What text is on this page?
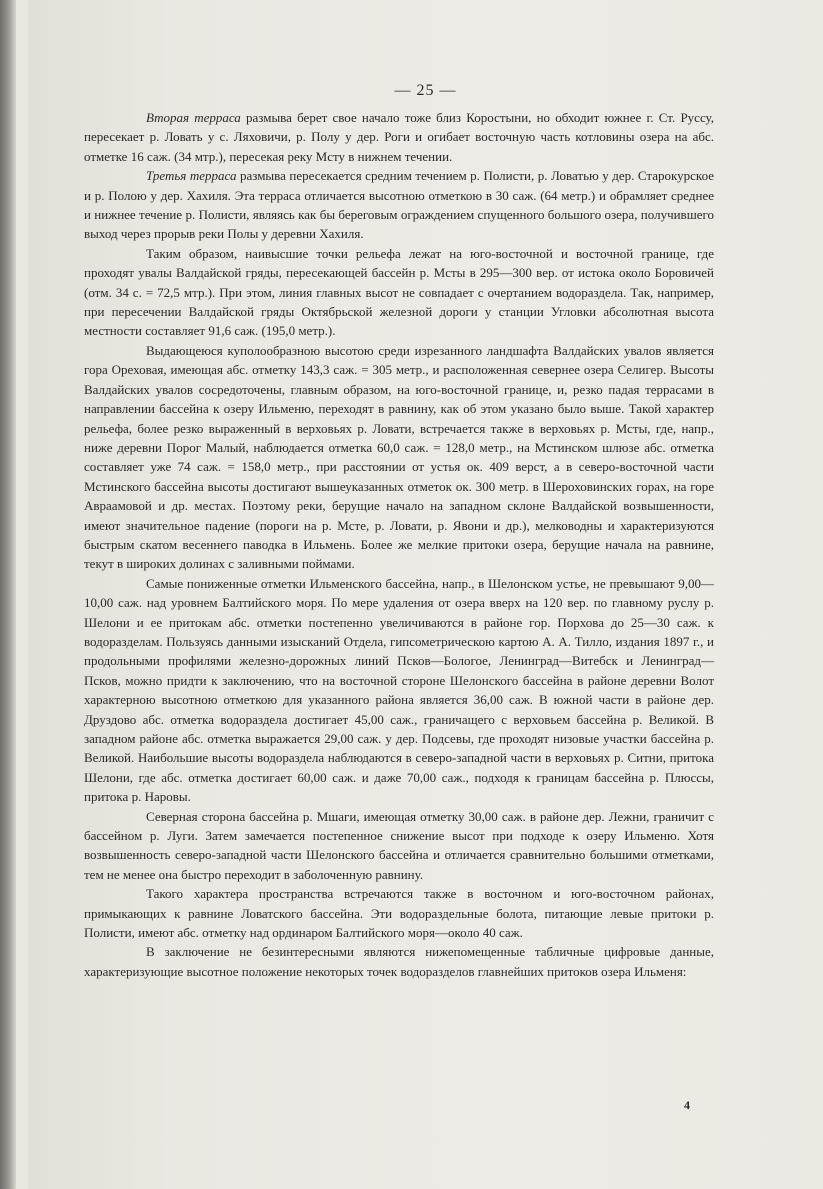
— 25 —

Вторая терраса размыва берет свое начало тоже близ Коростыни, но обходит южнее г. Ст. Руссу, пересекает р. Ловать у с. Ляховичи, р. Полу у дер. Роги и огибает восточную часть котловины озера на абс. отметке 16 саж. (34 мтр.), пересекая реку Мсту в нижнем течении.

Третья терраса размыва пересекается средним течением р. Полисти, р. Ловатью у дер. Старокурское и р. Полою у дер. Хахиля. Эта терраса отличается высотною отметкою в 30 саж. (64 метр.) и обрамляет среднее и нижнее течение р. Полисти, являясь как бы береговым ограждением спущенного большого озера, получившего выход через прорыв реки Полы у деревни Хахиля.

Таким образом, наивысшие точки рельефа лежат на юго-восточной и восточной границе, где проходят увалы Валдайской гряды, пересекающей бассейн р. Мсты в 295—300 вер. от истока около Боровичей (отм. 34 с. = 72,5 мтр.). При этом, линия главных высот не совпадает с очертанием водораздела. Так, например, при пересечении Валдайской гряды Октябрьской железной дороги у станции Угловки абсолютная высота местности составляет 91,6 саж. (195,0 метр.).

Выдающеюся куполообразною высотою среди изрезанного ландшафта Валдайских увалов является гора Ореховая, имеющая абс. отметку 143,3 саж. = 305 метр., и расположенная севернее озера Селигер. Высоты Валдайских увалов сосредоточены, главным образом, на юго-восточной границе, и, резко падая террасами в направлении бассейна к озеру Ильменю, переходят в равнину, как об этом указано было выше. Такой характер рельефа, более резко выраженный в верховьях р. Ловати, встречается также в верховьях р. Мсты, где, напр., ниже деревни Порог Малый, наблюдается отметка 60,0 саж. = 128,0 метр., на Мстинском шлюзе абс. отметка составляет уже 74 саж. = 158,0 метр., при расстоянии от устья ок. 409 верст, а в северо-восточной части Мстинского бассейна высоты достигают вышеуказанных отметок ок. 300 метр. в Шероховинских горах, на горе Авраамовой и др. местах. Поэтому реки, берущие начало на западном склоне Валдайской возвышенности, имеют значительное падение (пороги на р. Мсте, р. Ловати, р. Явони и др.), мелководны и характеризуются быстрым скатом весеннего паводка в Ильмень. Более же мелкие притоки озера, берущие начала на равнине, текут в широких долинах с заливными поймами.

Самые пониженные отметки Ильменского бассейна, напр., в Шелонском устье, не превышают 9,00—10,00 саж. над уровнем Балтийского моря. По мере удаления от озера вверх на 120 вер. по главному руслу р. Шелони и ее притокам абс. отметки постепенно увеличиваются в районе гор. Порхова до 25—30 саж. к водоразделам. Пользуясь данными изысканий Отдела, гипсометрическою картою А. А. Тилло, издания 1897 г., и продольными профилями железно-дорожных линий Псков—Бологое, Ленинград—Витебск и Ленинград—Псков, можно придти к заключению, что на восточной стороне Шелонского бассейна в районе деревни Волот характерною высотною отметкою для указанного района является 36,00 саж. В южной части в районе дер. Друздово абс. отметка водораздела достигает 45,00 саж., граничащего с верховьем бассейна р. Великой. В западном районе абс. отметка выражается 29,00 саж. у дер. Подсевы, где проходят низовые участки бассейна р. Великой. Наибольшие высоты водораздела наблюдаются в северо-западной части в верховьях р. Ситни, притока Шелони, где абс. отметка достигает 60,00 саж. и даже 70,00 саж., подходя к границам бассейна р. Плюссы, притока р. Наровы.

Северная сторона бассейна р. Мшаги, имеющая отметку 30,00 саж. в районе дер. Лежни, граничит с бассейном р. Луги. Затем замечается постепенное снижение высот при подходе к озеру Ильменю. Хотя возвышенность северо-западной части Шелонского бассейна и отличается сравнительно большими отметками, тем не менее она быстро переходит в заболоченную равнину.

Такого характера пространства встречаются также в восточном и юго-восточном районах, примыкающих к равнине Ловатского бассейна. Эти водораздельные болота, питающие левые притоки р. Полисти, имеют абс. отметку над ординаром Балтийского моря—около 40 саж.

В заключение не безинтересными являются нижепомещенные табличные цифровые данные, характеризующие высотное положение некоторых точек водоразделов главнейших притоков озера Ильменя:

4
